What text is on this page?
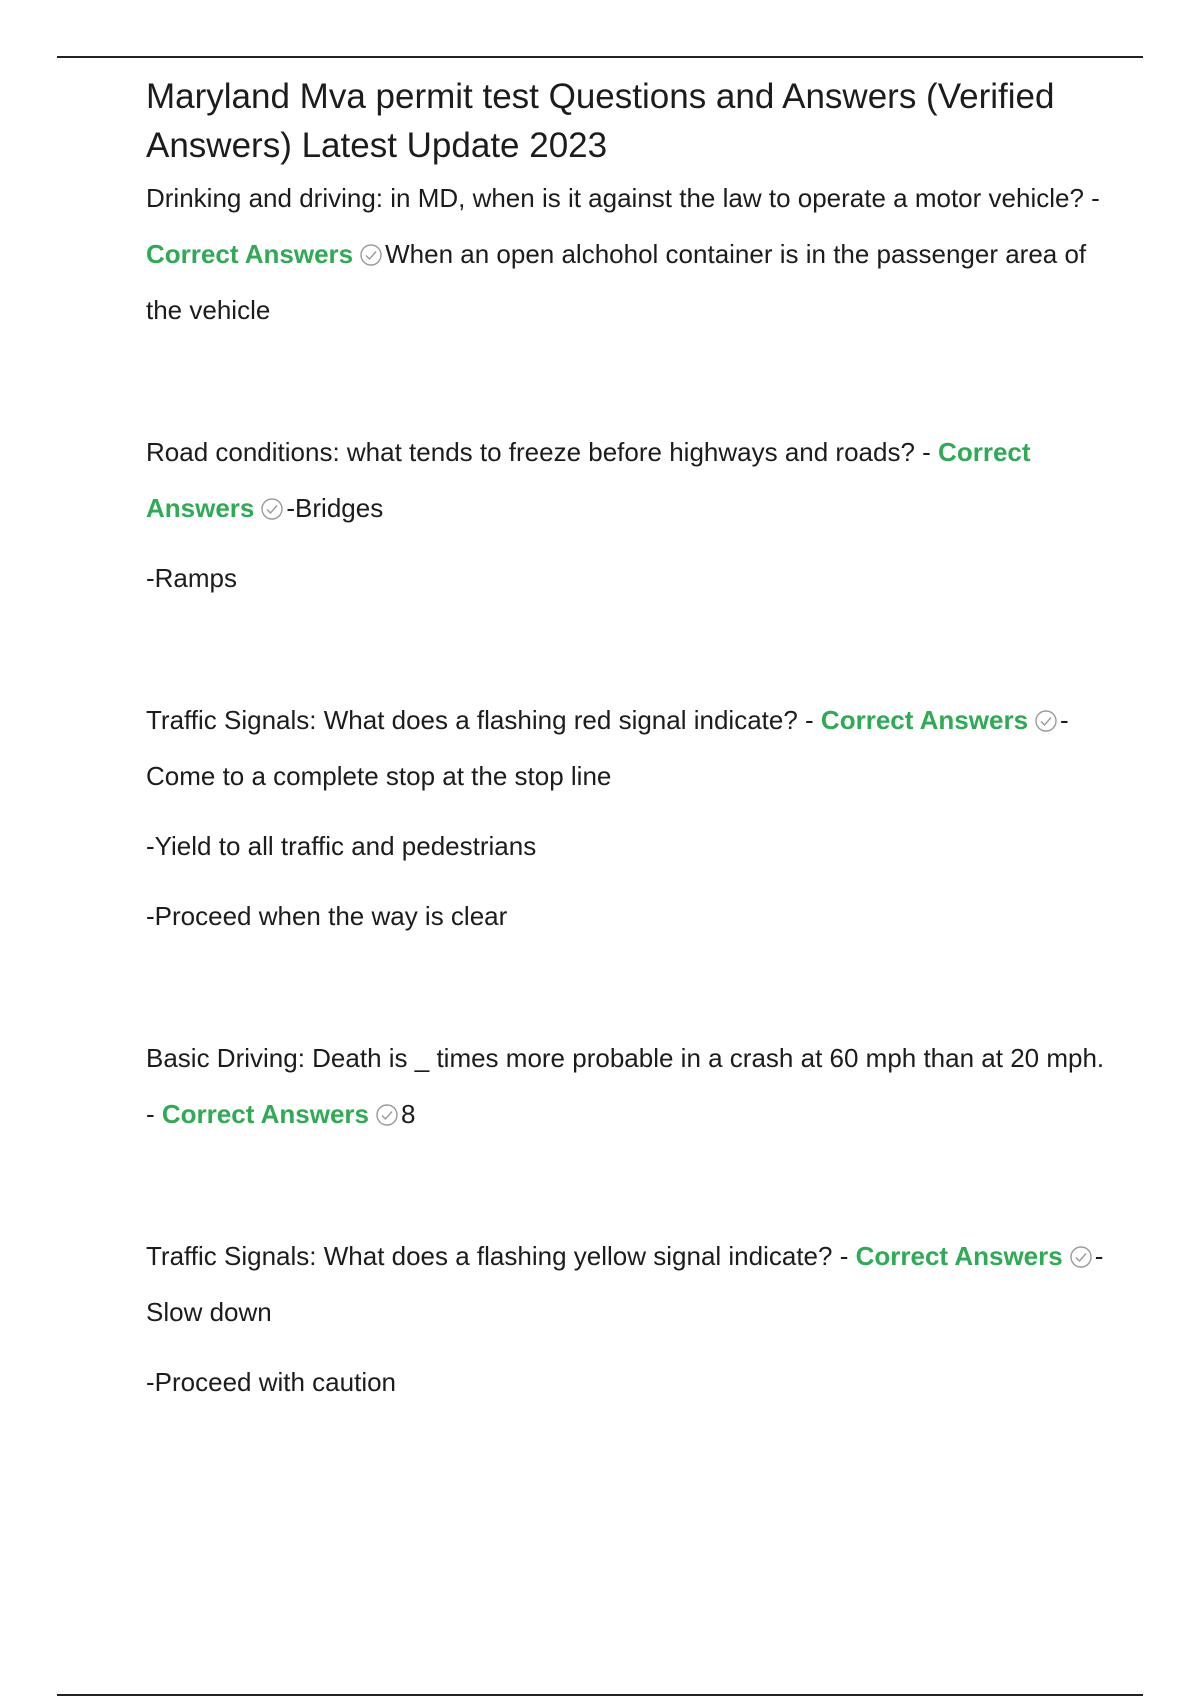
Maryland Mva permit test Questions and Answers (Verified Answers) Latest Update 2023

Drinking and driving: in MD, when is it against the law to operate a motor vehicle? - Correct Answers When an open alchohol container is in the passenger area of the vehicle

Road conditions: what tends to freeze before highways and roads? - Correct Answers -Bridges

-Ramps

Traffic Signals: What does a flashing red signal indicate? - Correct Answers -Come to a complete stop at the stop line

-Yield to all traffic and pedestrians

-Proceed when the way is clear

Basic Driving: Death is _ times more probable in a crash at 60 mph than at 20 mph. - Correct Answers 8

Traffic Signals: What does a flashing yellow signal indicate? - Correct Answers -Slow down

-Proceed with caution
